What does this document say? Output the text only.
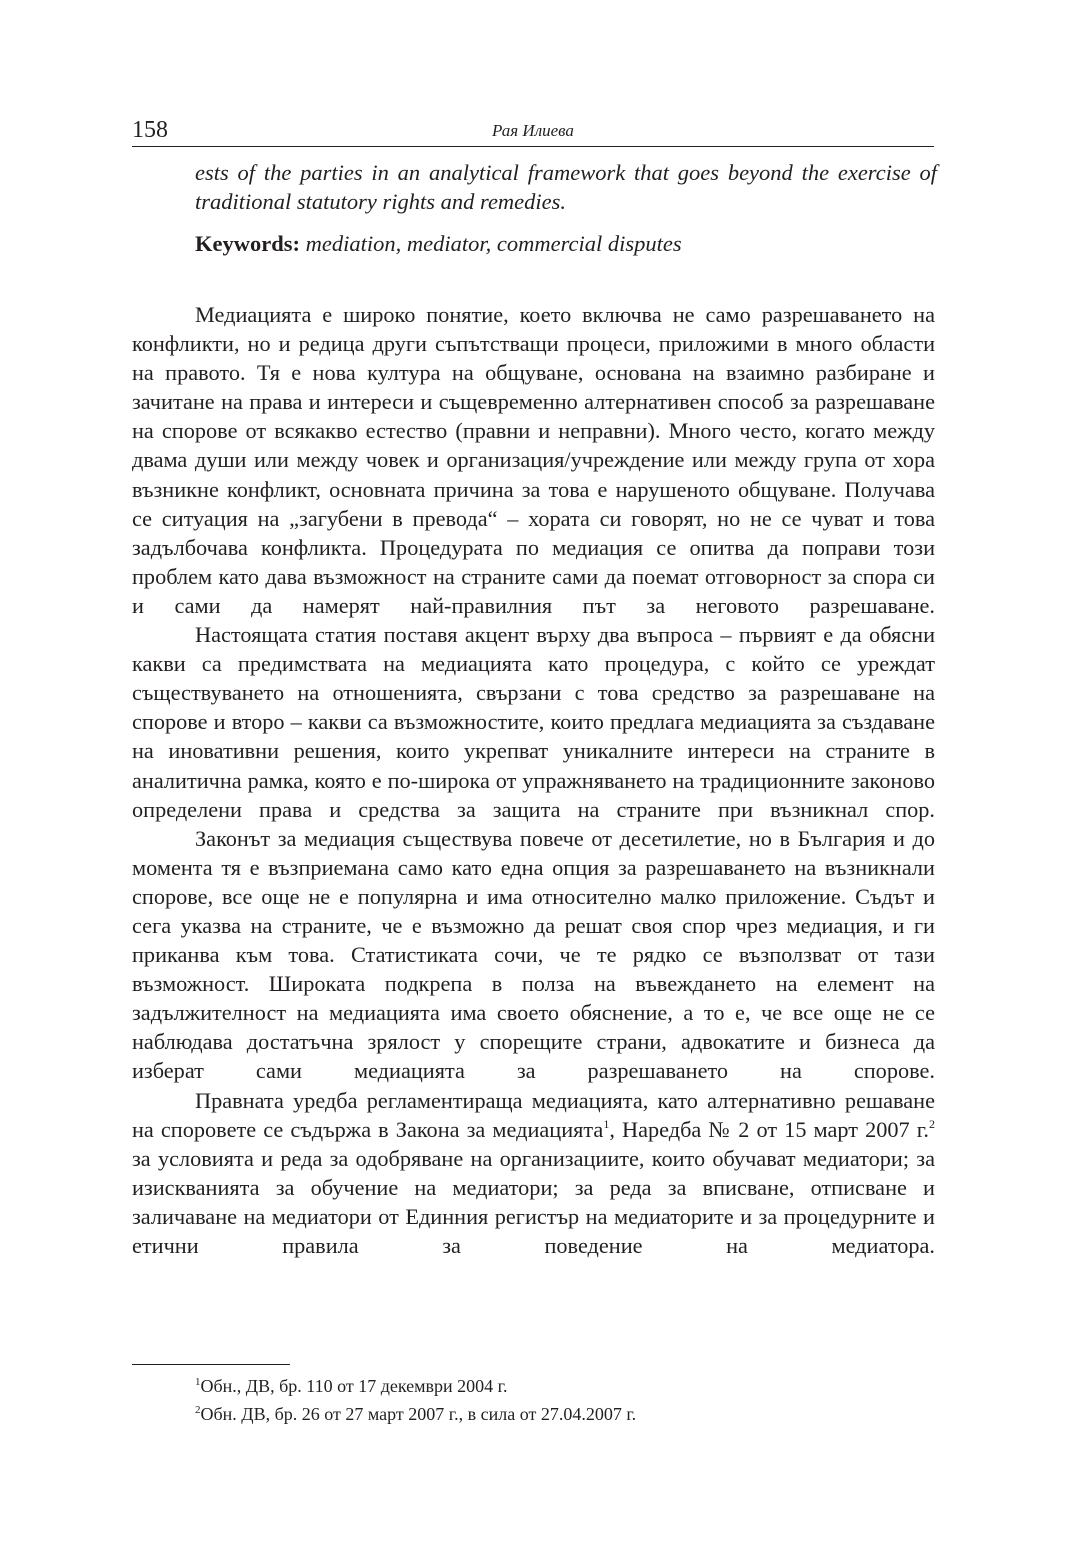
158	Рая Илиева
ests of the parties in an analytical framework that goes beyond the exercise of traditional statutory rights and remedies.
Keywords: mediation, mediator, commercial disputes

Медиацията е широко понятие, което включва не само разрешаването на конфликти, но и редица други съпътстващи процеси, приложими в много области на правото. Тя е нова култура на общуване, основана на взаимно разбиране и зачитане на права и интереси и същевременно алтернативен способ за разрешаване на спорове от всякакво естество (правни и неправни). Много често, когато между двама души или между човек и организация/учреждение или между група от хора възникне конфликт, основната причина за това е нарушеното общуване. Получава се ситуация на „загубени в превода“ – хората си говорят, но не се чуват и това задълбочава конфликта. Процедурата по медиация се опитва да поправи този проблем като дава възможност на страните сами да поемат отговорност за спора си и сами да намерят най-правилния път за неговото разрешаване.

Настоящата статия поставя акцент върху два въпроса – първият е да обясни какви са предимствата на медиацията като процедура, с който се уреждат съществуването на отношенията, свързани с това средство за разрешаване на спорове и второ – какви са възможностите, които предлага медиацията за създаване на иновативни решения, които укрепват уникалните интереси на страните в аналитична рамка, която е по-широка от упражняването на традиционните законово определени права и средства за защита на страните при възникнал спор.

Законът за медиация съществува повече от десетилетие, но в България и до момента тя е възприемана само като една опция за разрешаването на възникнали спорове, все още не е популярна и има относително малко приложение. Съдът и сега указва на страните, че е възможно да решат своя спор чрез медиация, и ги приканва към това. Статистиката сочи, че те рядко се възползват от тази възможност. Широката подкрепа в полза на въвеждането на елемент на задължителност на медиацията има своето обяснение, а то е, че все още не се наблюдава достатъчна зрялост у спорещите страни, адвокатите и бизнеса да изберат сами медиацията за разрешаването на спорове.

Правната уредба регламентираща медиацията, като алтернативно решаване на споровете се съдържа в Закона за медиацията$^1$, Наредба № 2 от 15 март 2007 г.$^2$ за условията и реда за одобряване на организациите, които обучават медиатори; за изискванията за обучение на медиатори; за реда за вписване, отписване и заличаване на медиатори от Единния регистър на медиаторите и за процедурните и етични правила за поведение на медиатора.

$^1$Обн., ДВ, бр. 110 от 17 декември 2004 г.
$^2$Обн. ДВ, бр. 26 от 27 март 2007 г., в сила от 27.04.2007 г.
